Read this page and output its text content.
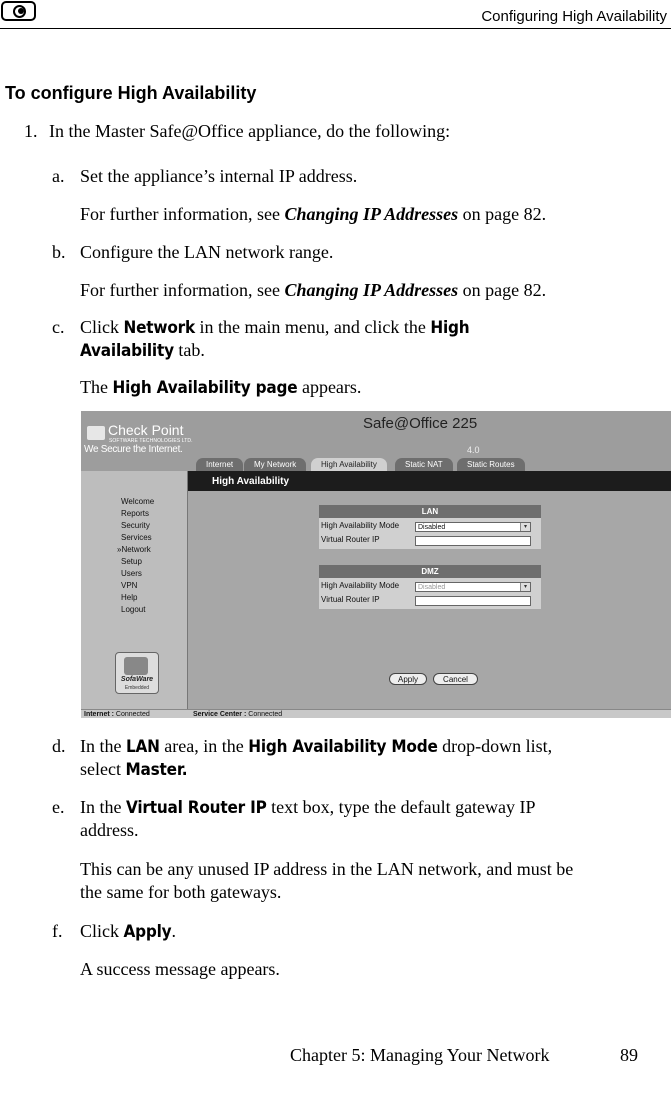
Configuring High Availability
To configure High Availability
1. In the Master Safe@Office appliance, do the following:
a. Set the appliance’s internal IP address.
For further information, see Changing IP Addresses on page 82.
b. Configure the LAN network range.
For further information, see Changing IP Addresses on page 82.
c. Click Network in the main menu, and click the High
Availability tab.
The High Availability page appears.
Check Point
SOFTWARE TECHNOLOGIES LTD.
We Secure the Internet.
Safe@Office 225
4.0
Internet	My Network	High Availability	Static NAT	Static Routes
High Availability
Welcome
Reports
Security
Services
»Network
Setup
Users
VPN
Help
Logout
SofaWare
Embedded
LAN
High Availability Mode	Disabled	▾
Virtual Router IP
DMZ
High Availability Mode	Disabled	▾
Virtual Router IP
Apply	Cancel
Internet : Connected	Service Center : Connected
d. In the LAN area, in the High Availability Mode drop-down list,
select Master.
e. In the Virtual Router IP text box, type the default gateway IP
address.
This can be any unused IP address in the LAN network, and must be
the same for both gateways.
f. Click Apply.
A success message appears.
Chapter 5: Managing Your Network	89
